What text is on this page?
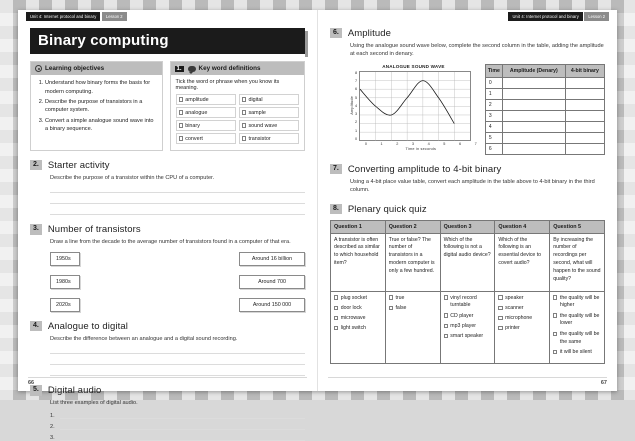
Unit 4: Internet protocol and binary	Lesson 2
Binary computing
Learning objectives
1. Understand how binary forms the basis for modern computing.
2. Describe the purpose of transistors in a computer system.
3. Convert a simple analogue sound wave into a binary sequence.
1.	Key word definitions
Tick the word or phrase when you know its meaning.
amplitude
analogue
binary
convert
digital
sample
sound wave
transistor
2. Starter activity
Describe the purpose of a transistor within the CPU of a computer.
3. Number of transistors
Draw a line from the decade to the average number of transistors found in a computer of that era.
1950s
1980s
2020s
Around 16 billion
Around 700
Around 150 000
4. Analogue to digital
Describe the difference between an analogue and a digital sound recording.
5. Digital audio
List three examples of digital audio.
1.
2.
3.
66
Unit 4: Internet protocol and binary	Lesson 2
6. Amplitude
Using the analogue sound wave below, complete the second column in the table, adding the amplitude at each second in denary.
ANALOGUE SOUND WAVE
Amplitude
8
7
6
5
4
3
2
1
0
0	1	2	3	4	5	6	7
Time in seconds
Time	Amplitude (Denary)	4-bit binary
0		
1		
2		
3		
4		
5		
6		
7. Converting amplitude to 4-bit binary
Using a 4-bit place value table, convert each amplitude in the table above to 4-bit binary in the third column.
8. Plenary quick quiz
Question 1	Question 2	Question 3	Question 4	Question 5
A transistor is often described as similar to which household item?	True or false? The number of transistors in a modern computer is only a few hundred.	Which of the following is not a digital audio device?	Which of the following is an essential device to covert audio?	By increasing the number of recordings per second, what will happen to the sound quality?

plug socket
door lock
microwave
light switch

true
false

vinyl record turntable
CD player
mp3 player
smart speaker

speaker
scanner
microphone
printer

the quality will be higher
the quality will be lower
the quality will be the same
it will be silent
67
